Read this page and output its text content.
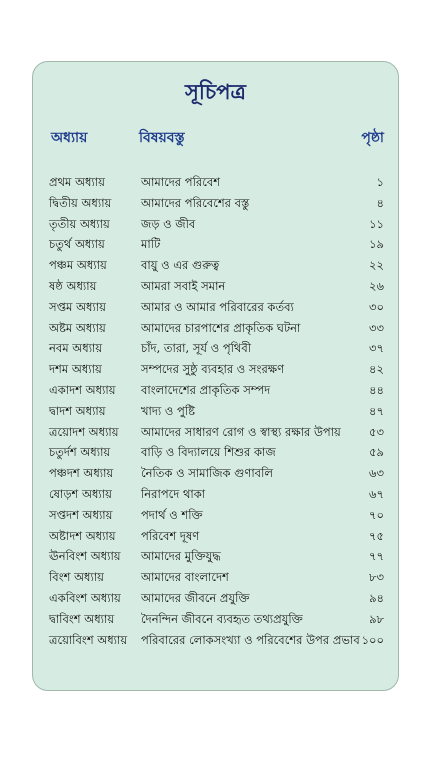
সূচিপত্র
অধ্যায়	বিষয়বস্তু	পৃষ্ঠা
প্রথম অধ্যায়	আমাদের পরিবেশ	১
দ্বিতীয় অধ্যায়	আমাদের পরিবেশের বস্তু	৪
তৃতীয় অধ্যায়	জড় ও জীব	১১
চতুর্থ অধ্যায়	মাটি	১৯
পঞ্চম অধ্যায়	বায়ু ও এর গুরুত্ব	২২
ষষ্ঠ অধ্যায়	আমরা সবাই সমান	২৬
সপ্তম অধ্যায়	আমার ও আমার পরিবারের কর্তব্য	৩০
অষ্টম অধ্যায়	আমাদের চারপাশের প্রাকৃতিক ঘটনা	৩৩
নবম অধ্যায়	চাঁদ, তারা, সূর্য ও পৃথিবী	৩৭
দশম অধ্যায়	সম্পদের সুষ্ঠু ব্যবহার ও সংরক্ষণ	৪২
একাদশ অধ্যায় বাংলাদেশের প্রাকৃতিক সম্পদ	৪৪
দ্বাদশ অধ্যায়	খাদ্য ও পুষ্টি	৪৭
ত্রয়োদশ অধ্যায় আমাদের সাধারণ রোগ ও স্বাস্থ্য রক্ষার উপায় ৫৩
চতুর্দশ অধ্যায়	বাড়ি ও বিদ্যালয়ে শিশুর কাজ	৫৯
পঞ্চদশ অধ্যায় নৈতিক ও সামাজিক গুণাবলি	৬৩
ষোড়শ অধ্যায়	নিরাপদে থাকা	৬৭
সপ্তদশ অধ্যায় পদার্থ ও শক্তি	৭০
অষ্টাদশ অধ্যায় পরিবেশ দূষণ	৭৫
ঊনবিংশ অধ্যায় আমাদের মুক্তিযুদ্ধ	৭৭
বিংশ অধ্যায়	আমাদের বাংলাদেশ	৮৩
একবিংশ অধ্যায় আমাদের জীবনে প্রযুক্তি	৯৪
দ্বাবিংশ অধ্যায় দৈনন্দিন জীবনে ব্যবহৃত তথ্যপ্রযুক্তি	৯৮
ত্রয়োবিংশ অধ্যায় পরিবারের লোকসংখ্যা ও পরিবেশের উপর প্রভাব ১০০
